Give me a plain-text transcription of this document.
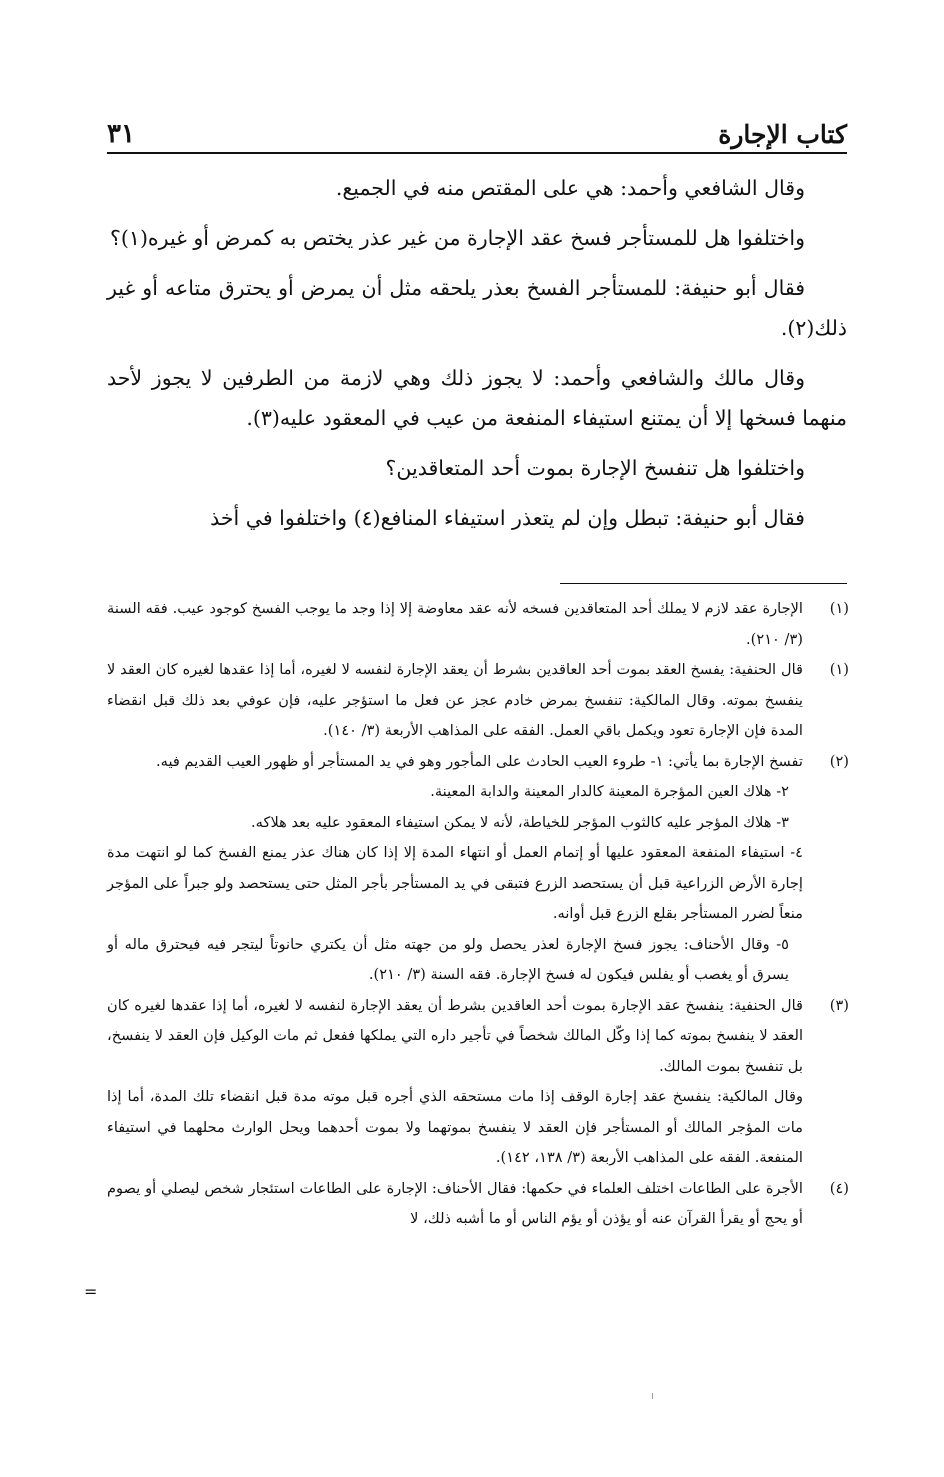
كتاب الإجارة
٣١

وقال الشافعي وأحمد: هي على المقتص منه في الجميع.

واختلفوا هل للمستأجر فسخ عقد الإجارة من غير عذر يختص به كمرض أو غيره(١)؟

فقال أبو حنيفة: للمستأجر الفسخ بعذر يلحقه مثل أن يمرض أو يحترق متاعه أو غير ذلك(٢).

وقال مالك والشافعي وأحمد: لا يجوز ذلك وهي لازمة من الطرفين لا يجوز لأحد منهما فسخها إلا أن يمتنع استيفاء المنفعة من عيب في المعقود عليه(٣).

واختلفوا هل تنفسخ الإجارة بموت أحد المتعاقدين؟

فقال أبو حنيفة: تبطل وإن لم يتعذر استيفاء المنافع(٤) واختلفوا في أخذ

(١)

الإجارة عقد لازم لا يملك أحد المتعاقدين فسخه لأنه عقد معاوضة إلا إذا وجد ما يوجب الفسخ كوجود عيب. فقه السنة (٣/ ٢١٠).

(١)

قال الحنفية: يفسخ العقد بموت أحد العاقدين بشرط أن يعقد الإجارة لنفسه لا لغيره، أما إذا عقدها لغيره كان العقد لا ينفسخ بموته. وقال المالكية: تنفسخ بمرض خادم عجز عن فعل ما استؤجر عليه، فإن عوفي بعد ذلك قبل انقضاء المدة فإن الإجارة تعود ويكمل باقي العمل. الفقه على المذاهب الأربعة (٣/ ١٤٠).

(٢)

تفسخ الإجارة بما يأتي: ١- طروء العيب الحادث على المأجور وهو في يد المستأجر أو ظهور العيب القديم فيه.

٢- هلاك العين المؤجرة المعينة كالدار المعينة والدابة المعينة.

٣- هلاك المؤجر عليه كالثوب المؤجر للخياطة، لأنه لا يمكن استيفاء المعقود عليه بعد هلاكه.

٤- استيفاء المنفعة المعقود عليها أو إتمام العمل أو انتهاء المدة إلا إذا كان هناك عذر يمنع الفسخ كما لو انتهت مدة إجارة الأرض الزراعية قبل أن يستحصد الزرع فتبقى في يد المستأجر بأجر المثل حتى يستحصد ولو جبراً على المؤجر منعاً لضرر المستأجر بقلع الزرع قبل أوانه.

٥- وقال الأحناف: يجوز فسخ الإجارة لعذر يحصل ولو من جهته مثل أن يكتري حانوتاً ليتجر فيه فيحترق ماله أو يسرق أو يغصب أو يفلس فيكون له فسخ الإجارة. فقه السنة (٣/ ٢١٠).

(٣)

قال الحنفية: ينفسخ عقد الإجارة بموت أحد العاقدين بشرط أن يعقد الإجارة لنفسه لا لغيره، أما إذا عقدها لغيره كان العقد لا ينفسخ بموته كما إذا وكّل المالك شخصاً في تأجير داره التي يملكها ففعل ثم مات الوكيل فإن العقد لا ينفسخ، بل تنفسخ بموت المالك.

وقال المالكية: ينفسخ عقد إجارة الوقف إذا مات مستحقه الذي أجره قبل موته مدة قبل انقضاء تلك المدة، أما إذا مات المؤجر المالك أو المستأجر فإن العقد لا ينفسخ بموتهما ولا بموت أحدهما ويحل الوارث محلهما في استيفاء المنفعة. الفقه على المذاهب الأربعة (٣/ ١٣٨، ١٤٢).

(٤)

الأجرة على الطاعات اختلف العلماء في حكمها: فقال الأحناف: الإجارة على الطاعات استئجار شخص ليصلي أو يصوم أو يحج أو يقرأ القرآن عنه أو يؤذن أو يؤم الناس أو ما أشبه ذلك، لا

=
